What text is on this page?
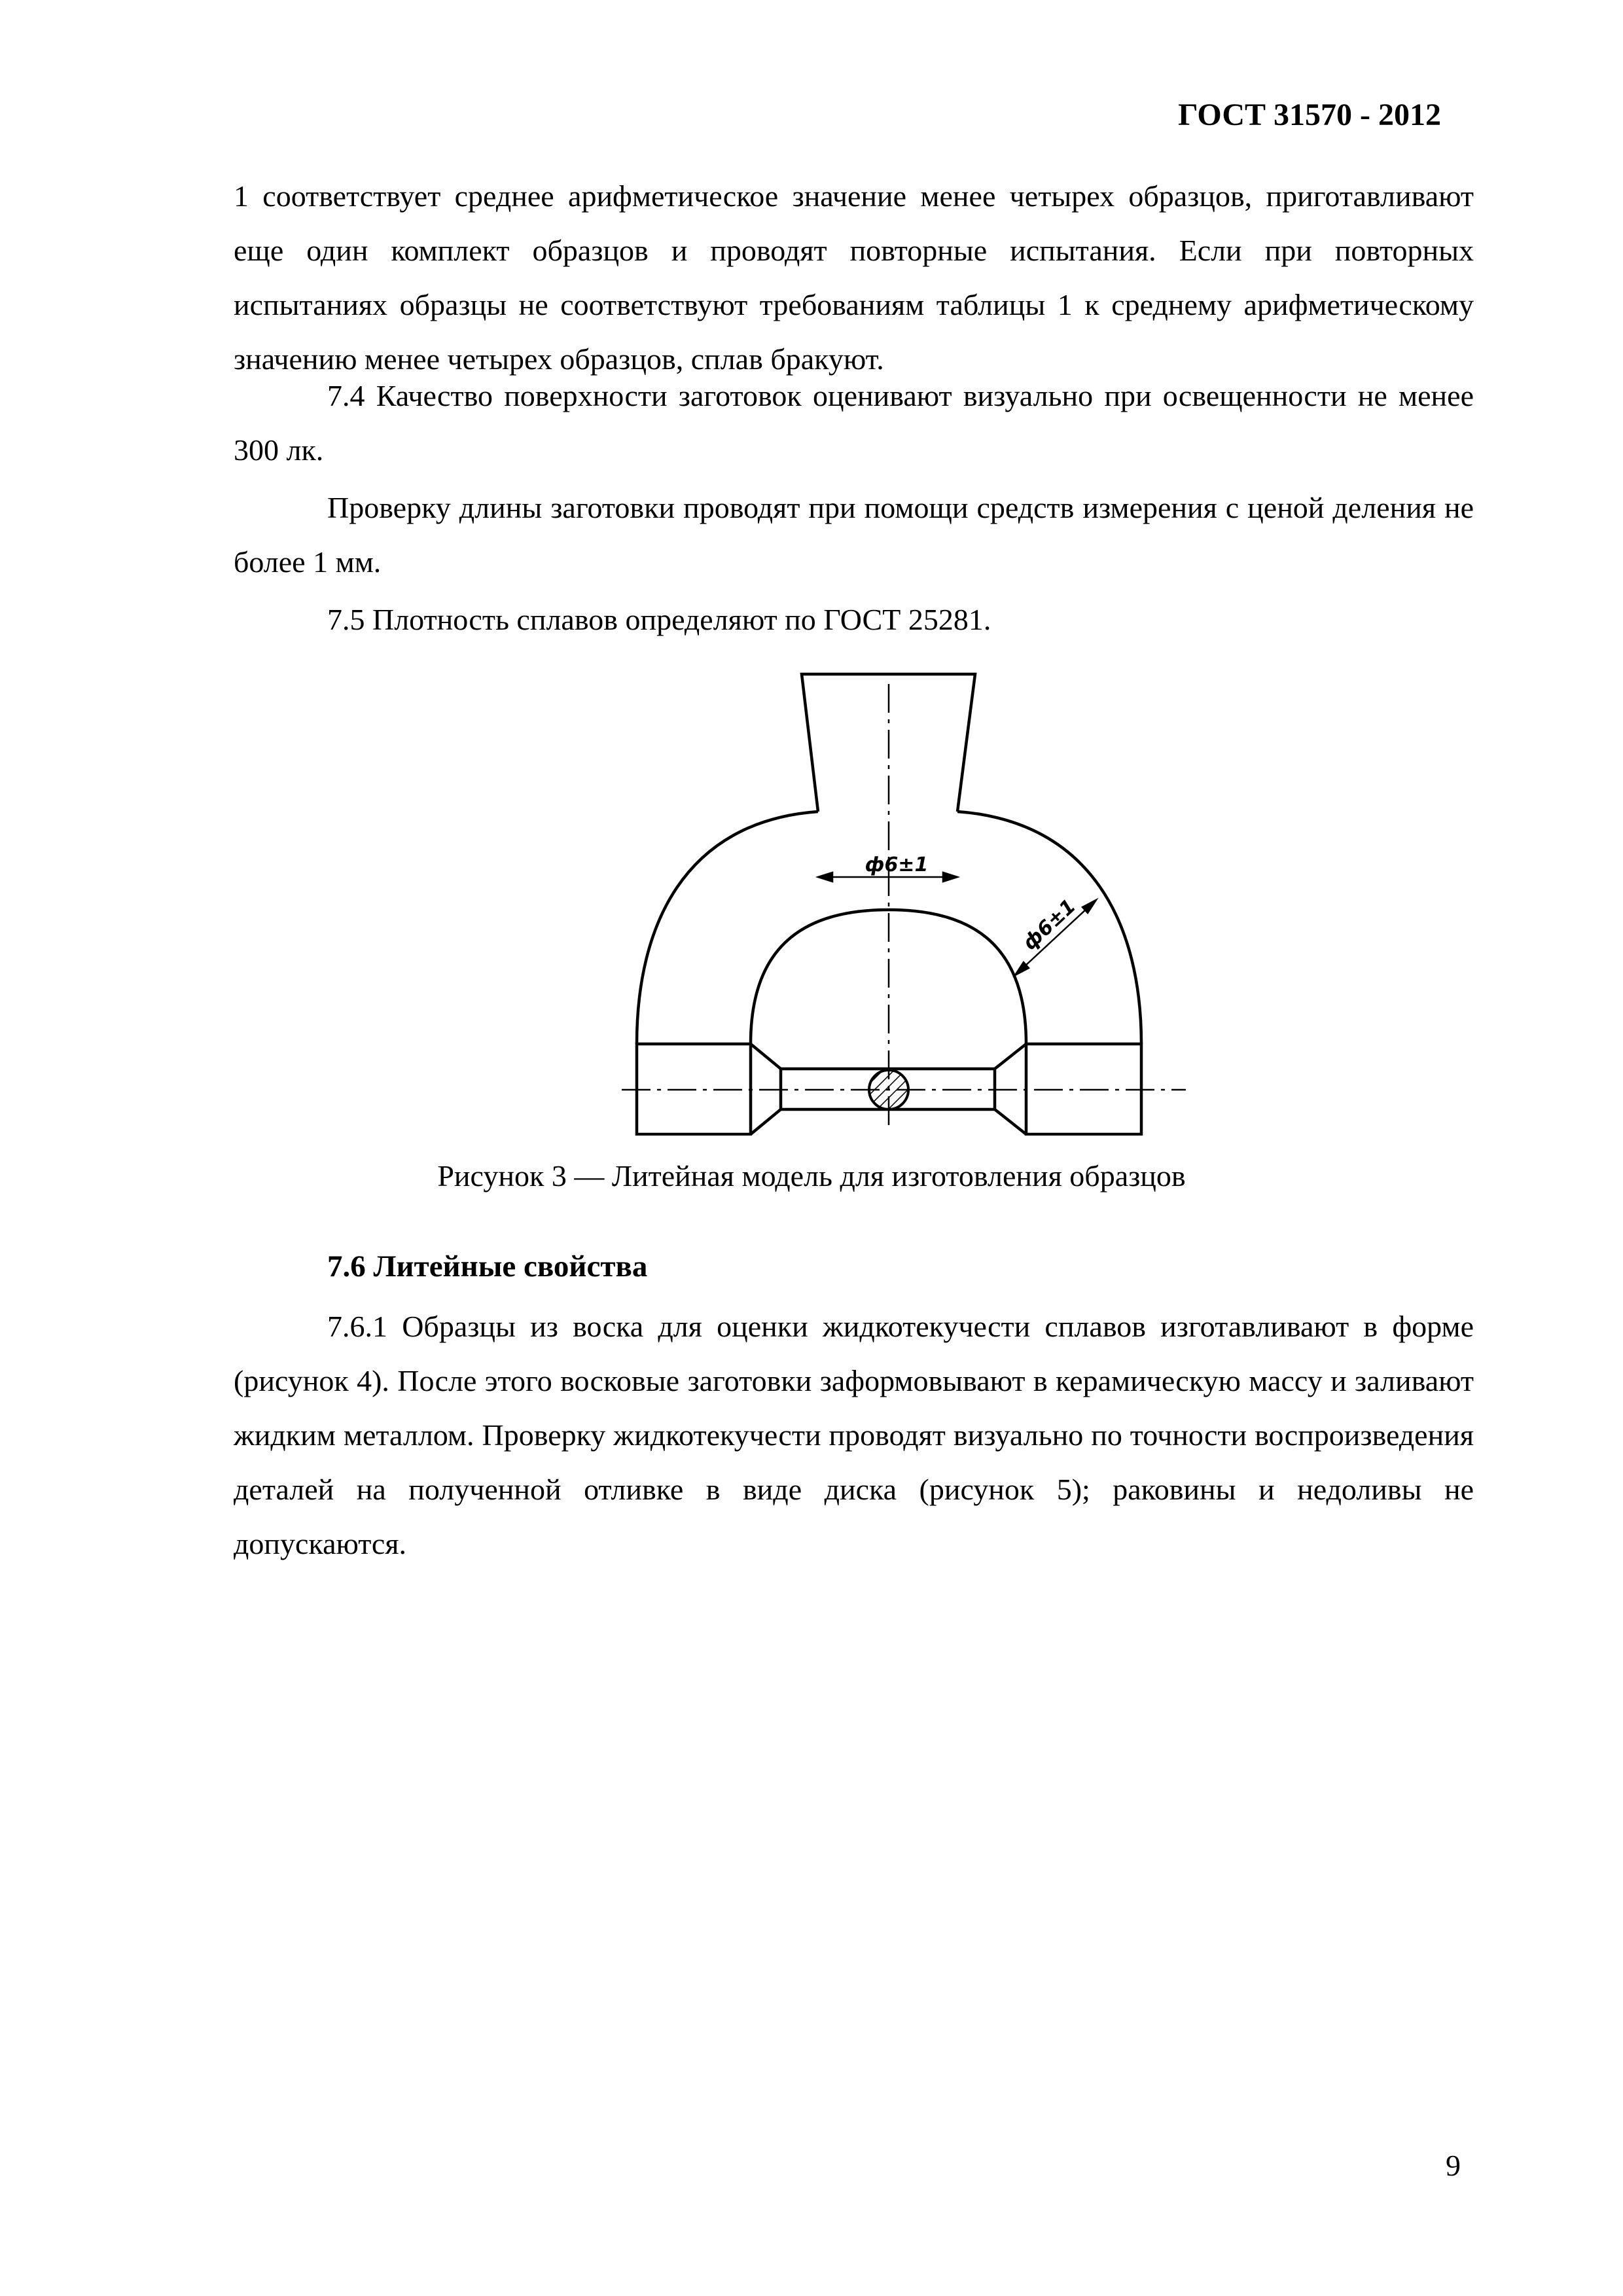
ГОСТ 31570 - 2012

1 соответствует среднее арифметическое значение менее четырех образцов, приготавливают еще один комплект образцов и проводят повторные испытания. Если при повторных испытаниях образцы не соответствуют требованиям таблицы 1 к среднему арифметическому значению менее четырех образцов, сплав бракуют.

7.4 Качество поверхности заготовок оценивают визуально при освещенности не менее 300 лк.

Проверку длины заготовки проводят при помощи средств измерения с ценой деления не более 1 мм.

7.5 Плотность сплавов определяют по ГОСТ 25281.

ф6±1
ф6±1
Рисунок 3 — Литейная модель для изготовления образцов
7.6 Литейные свойства

7.6.1 Образцы из воска для оценки жидкотекучести сплавов изготавливают в форме (рисунок 4). После этого восковые заготовки заформовывают в керамическую массу и заливают жидким металлом. Проверку жидкотекучести проводят визуально по точности воспроизведения деталей на полученной отливке в виде диска (рисунок 5); раковины и недоливы не допускаются.

9
